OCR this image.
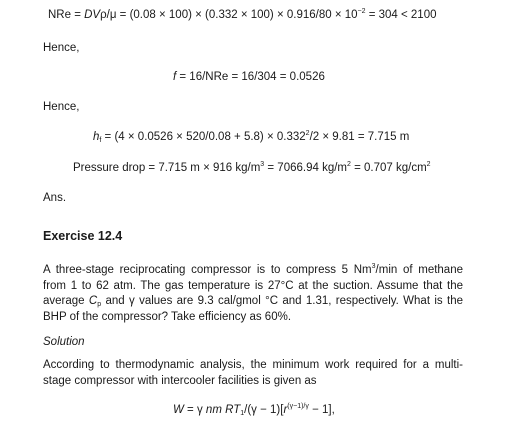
NRe = $DV\rho/\mu = (0.08 \times 100) \times (0.332 \times 100) \times 0.916/80 \times 10^{-2} = 304 < 2100$
Hence,
f = 16/NRe = 16/304 = 0.0526
Hence,
$h_f = (4 \times 0.0526 \times 520/0.08 + 5.8) \times 0.332^2/2 \times 9.81 = 7.715$ m
Pressure drop = 7.715 m × 916 $kg/m^3 = 7066.94$ $kg/m^2 = 0.707$ $kg/cm^2$
Ans.
Exercise 12.4
A three-stage reciprocating compressor is to compress 5 Nm$^3$/min of methane from 1 to 62 atm. The gas temperature is 27°C at the suction. Assume that the average $C_p$ and γ values are 9.3 cal/gmol °C and 1.31, respectively. What is the BHP of the compressor? Take efficiency as 60%.
Solution
According to thermodynamic analysis, the minimum work required for a multi-stage compressor with intercooler facilities is given as
W = γ nm $RT_1/(\gamma - 1)[r^{(\gamma-1)/\gamma} - 1]$,
